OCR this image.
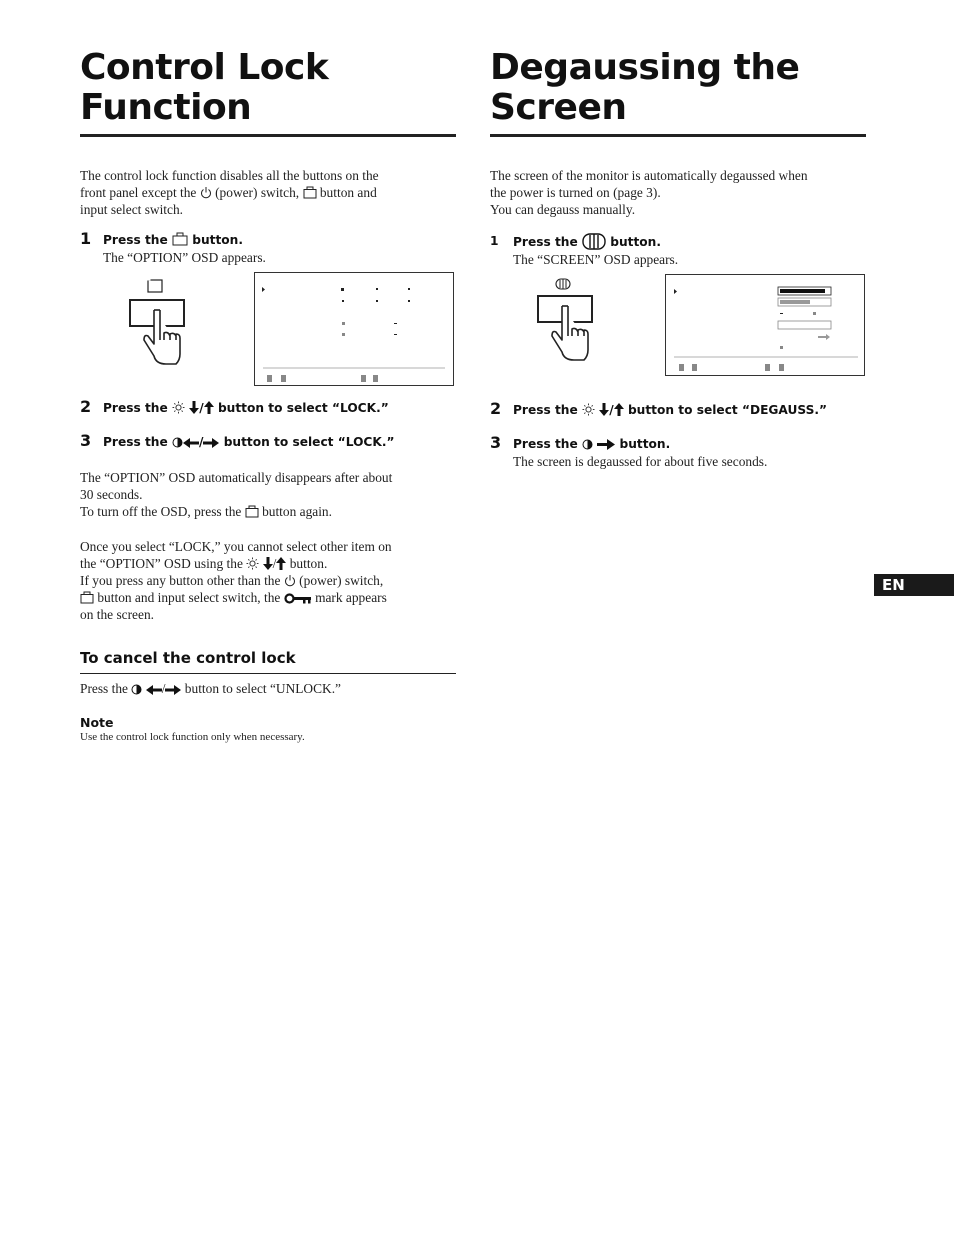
Control Lock
Function

The control lock function disables all the buttons on the
front panel except the (power) switch, button and
input select switch.

1 Press the button.
The “OPTION” OSD appears.
2 Press the	/ button to select “LOCK.”
3 Press the	/ button to select “LOCK.”

The “OPTION” OSD automatically disappears after about
30 seconds.
To turn off the OSD, press the button again.

Once you select “LOCK,” you cannot select other item on
the “OPTION” OSD using the / button.
If you press any button other than the (power) switch,
button and input select switch, the	mark appears
on the screen.

To cancel the control lock

Press the	/ button to select “UNLOCK.”

Note
Use the control lock function only when necessary.
Degaussing the
Screen

The screen of the monitor is automatically degaussed when
the power is turned on (page 3).
You can degauss manually.

1 Press the	button.
The “SCREEN” OSD appears.
2 Press the	/ button to select “DEGAUSS.”
3 Press the	button.
The screen is degaussed for about five seconds.
EN
